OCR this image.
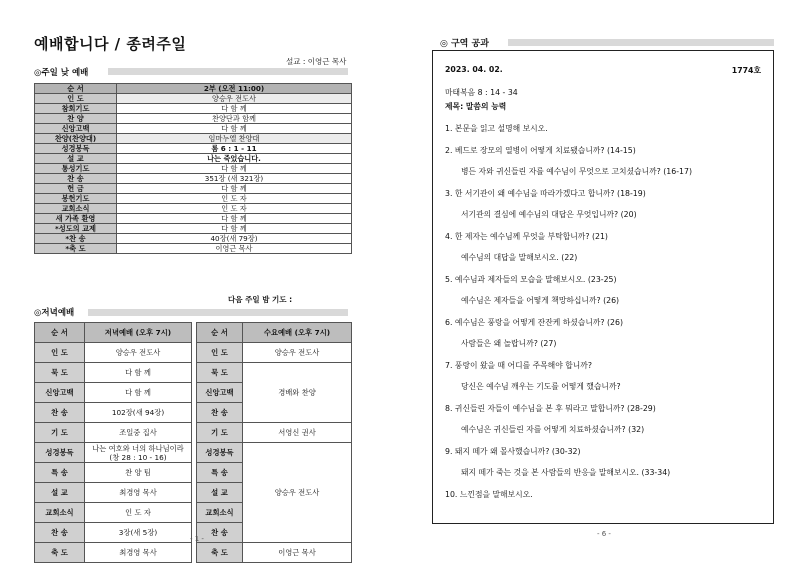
예배합니다 / 종려주일
설교 : 이영근 목사
◎주일 낮 예배
순 서	2부 (오전 11:00)
인 도	양승우 전도사
참회기도	다 함 께
찬 양	찬양단과 함께
신앙고백	다 함 께
찬양(찬양대)	임마누엘 찬양대
성경봉독	롬 6 : 1 - 11
설 교	나는 죽었습니다.
통성기도	다 함 께
찬 송	351장 (새 321장)
헌 금	다 함 께
봉헌기도	인 도 자
교회소식	인 도 자
새 가족 환영	다 함 께
*성도의 교제	다 함 께
*찬 송	40장(새 79장)
*축 도	이영근 목사
다음 주일 밤 기도 :
◎저녁예배
순 서	저녁예배 (오후 7시)
인 도	양승우 전도사
묵 도	다 함 께
신앙고백	다 함 께
찬 송	102장(새 94장)
기 도	조일중 집사
성경봉독	나는 여호와 너의 하나님이라
(창 28 : 10 - 16)

특 송	찬 양 팀
설 교	최경영 목사
교회소식	인 도 자
찬 송	3장(새 5장)
축 도	최경영 목사
순 서	수요예배 (오후 7시)
인 도	양승우 전도사
묵 도	경배와 찬양
신앙고백	
찬 송	
기 도	서영신 권사
성경봉독	양승우 전도사
특 송	
설 교	
교회소식	
찬 송	
축 도	이영근 목사
- 1 -
◎ 구역 공과
2023. 04. 02.	1774호
마태복음 8 : 14 - 34
제목: 말씀의 능력
1. 본문을 읽고 설명해 보시오.
2. 베드로 장모의 열병이 어떻게 치료됐습니까? (14-15)
병든 자와 귀신들린 자를 예수님이 무엇으로 고치셨습니까? (16-17)
3. 한 서기관이 왜 예수님을 따라가겠다고 합니까? (18-19)
서기관의 결심에 예수님의 대답은 무엇입니까? (20)
4. 한 제자는 예수님께 무엇을 부탁합니까? (21)
예수님의 대답을 말해보시오. (22)
5. 예수님과 제자들의 모습을 말해보시오. (23-25)
예수님은 제자들을 어떻게 책망하십니까? (26)
6. 예수님은 풍랑을 어떻게 잔잔케 하셨습니까? (26)
사람들은 왜 놀랍니까? (27)
7. 풍랑이 왔을 때 어디를 주목해야 합니까?
당신은 예수님 깨우는 기도를 어떻게 했습니까?
8. 귀신들린 자들이 예수님을 본 후 뭐라고 말합니까? (28-29)
예수님은 귀신들린 자를 어떻게 치료하셨습니까? (32)
9. 돼지 떼가 왜 몰사했습니까? (30-32)
돼지 떼가 죽는 것을 본 사람들의 반응을 말해보시오. (33-34)
10. 느낀점을 말해보시오.
- 6 -
